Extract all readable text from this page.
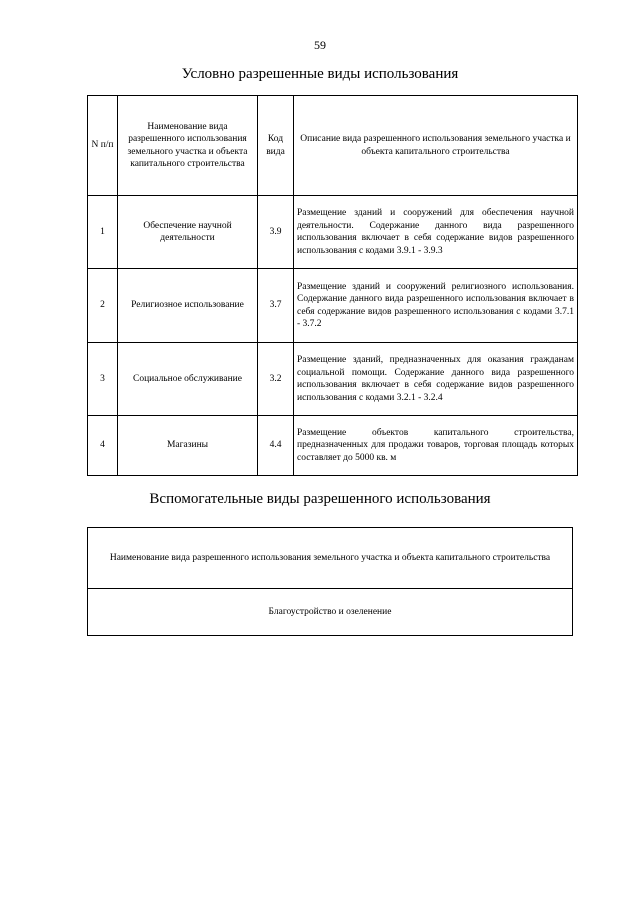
59
Условно разрешенные виды использования
N п/п	Наименование вида разрешенного использования земельного участка и объекта капитального строительства	Код вида	Описание вида разрешенного использования земельного участка и объекта капитального строительства
1	Обеспечение научной деятельности	3.9	Размещение зданий и сооружений для обеспечения научной деятельности. Содержание данного вида разрешенного использования включает в себя содержание видов разрешенного использования с кодами 3.9.1 - 3.9.3
2	Религиозное использование	3.7	Размещение зданий и сооружений религиозного использования. Содержание данного вида разрешенного использования включает в себя содержание видов разрешенного использования с кодами 3.7.1 - 3.7.2
3	Социальное обслуживание	3.2	Размещение зданий, предназначенных для оказания гражданам социальной помощи. Содержание данного вида разрешенного использования включает в себя содержание видов разрешенного использования с кодами 3.2.1 - 3.2.4
4	Магазины	4.4	Размещение объектов капитального строительства, предназначенных для продажи товаров, торговая площадь которых составляет до 5000 кв. м
Вспомогательные виды разрешенного использования
Наименование вида разрешенного использования земельного участка и объекта капитального строительства
Благоустройство и озеленение
